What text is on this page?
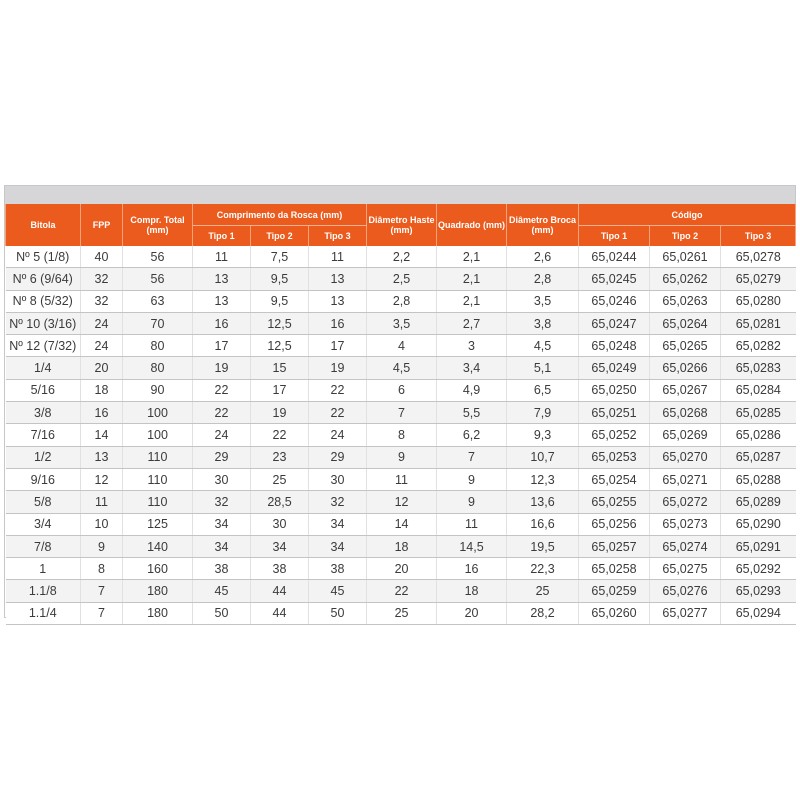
Bitola	FPP	Compr. Total (mm)	Comprimento da Rosca (mm)			Diâmetro Haste (mm)	Quadrado (mm)	Diâmetro Broca (mm)	Código		
			Tipo 1	Tipo 2	Tipo 3				Tipo 1	Tipo 2	Tipo 3
Nº 5 (1/8)	40	56	11	7,5	11	2,2	2,1	2,6	65,0244	65,0261	65,0278
Nº 6 (9/64)	32	56	13	9,5	13	2,5	2,1	2,8	65,0245	65,0262	65,0279
Nº 8 (5/32)	32	63	13	9,5	13	2,8	2,1	3,5	65,0246	65,0263	65,0280
Nº 10 (3/16)	24	70	16	12,5	16	3,5	2,7	3,8	65,0247	65,0264	65,0281
Nº 12 (7/32)	24	80	17	12,5	17	4	3	4,5	65,0248	65,0265	65,0282
1/4	20	80	19	15	19	4,5	3,4	5,1	65,0249	65,0266	65,0283
5/16	18	90	22	17	22	6	4,9	6,5	65,0250	65,0267	65,0284
3/8	16	100	22	19	22	7	5,5	7,9	65,0251	65,0268	65,0285
7/16	14	100	24	22	24	8	6,2	9,3	65,0252	65,0269	65,0286
1/2	13	110	29	23	29	9	7	10,7	65,0253	65,0270	65,0287
9/16	12	110	30	25	30	11	9	12,3	65,0254	65,0271	65,0288
5/8	11	110	32	28,5	32	12	9	13,6	65,0255	65,0272	65,0289
3/4	10	125	34	30	34	14	11	16,6	65,0256	65,0273	65,0290
7/8	9	140	34	34	34	18	14,5	19,5	65,0257	65,0274	65,0291
1	8	160	38	38	38	20	16	22,3	65,0258	65,0275	65,0292
1.1/8	7	180	45	44	45	22	18	25	65,0259	65,0276	65,0293
1.1/4	7	180	50	44	50	25	20	28,2	65,0260	65,0277	65,0294
